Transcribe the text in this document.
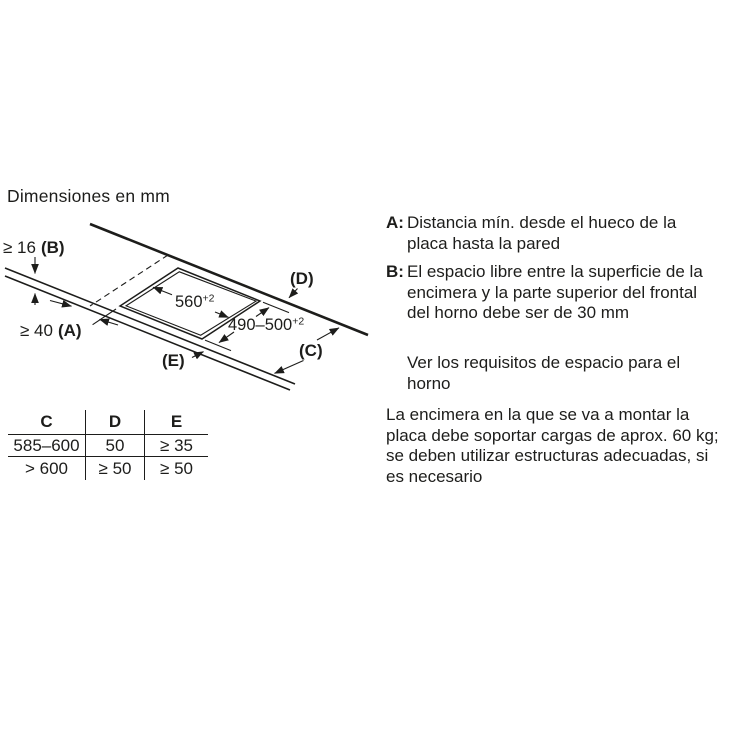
Dimensiones en mm
$560^{+2}$
$490-500^{+2}$
≥ 16 (B)
≥ 40 (A)
(D)
(C)
(E)
C	D	E
585–600	50	≥ 35
> 600	≥ 50	≥ 50
A: Distancia mín. desde el hueco de la
placa hasta la pared
B: El espacio libre entre la superficie de la
encimera y la parte superior del frontal
del horno debe ser de 30 mm
Ver los requisitos de espacio para el
horno
La encimera en la que se va a montar la
placa debe soportar cargas de aprox. 60 kg;
se deben utilizar estructuras adecuadas, si
es necesario
